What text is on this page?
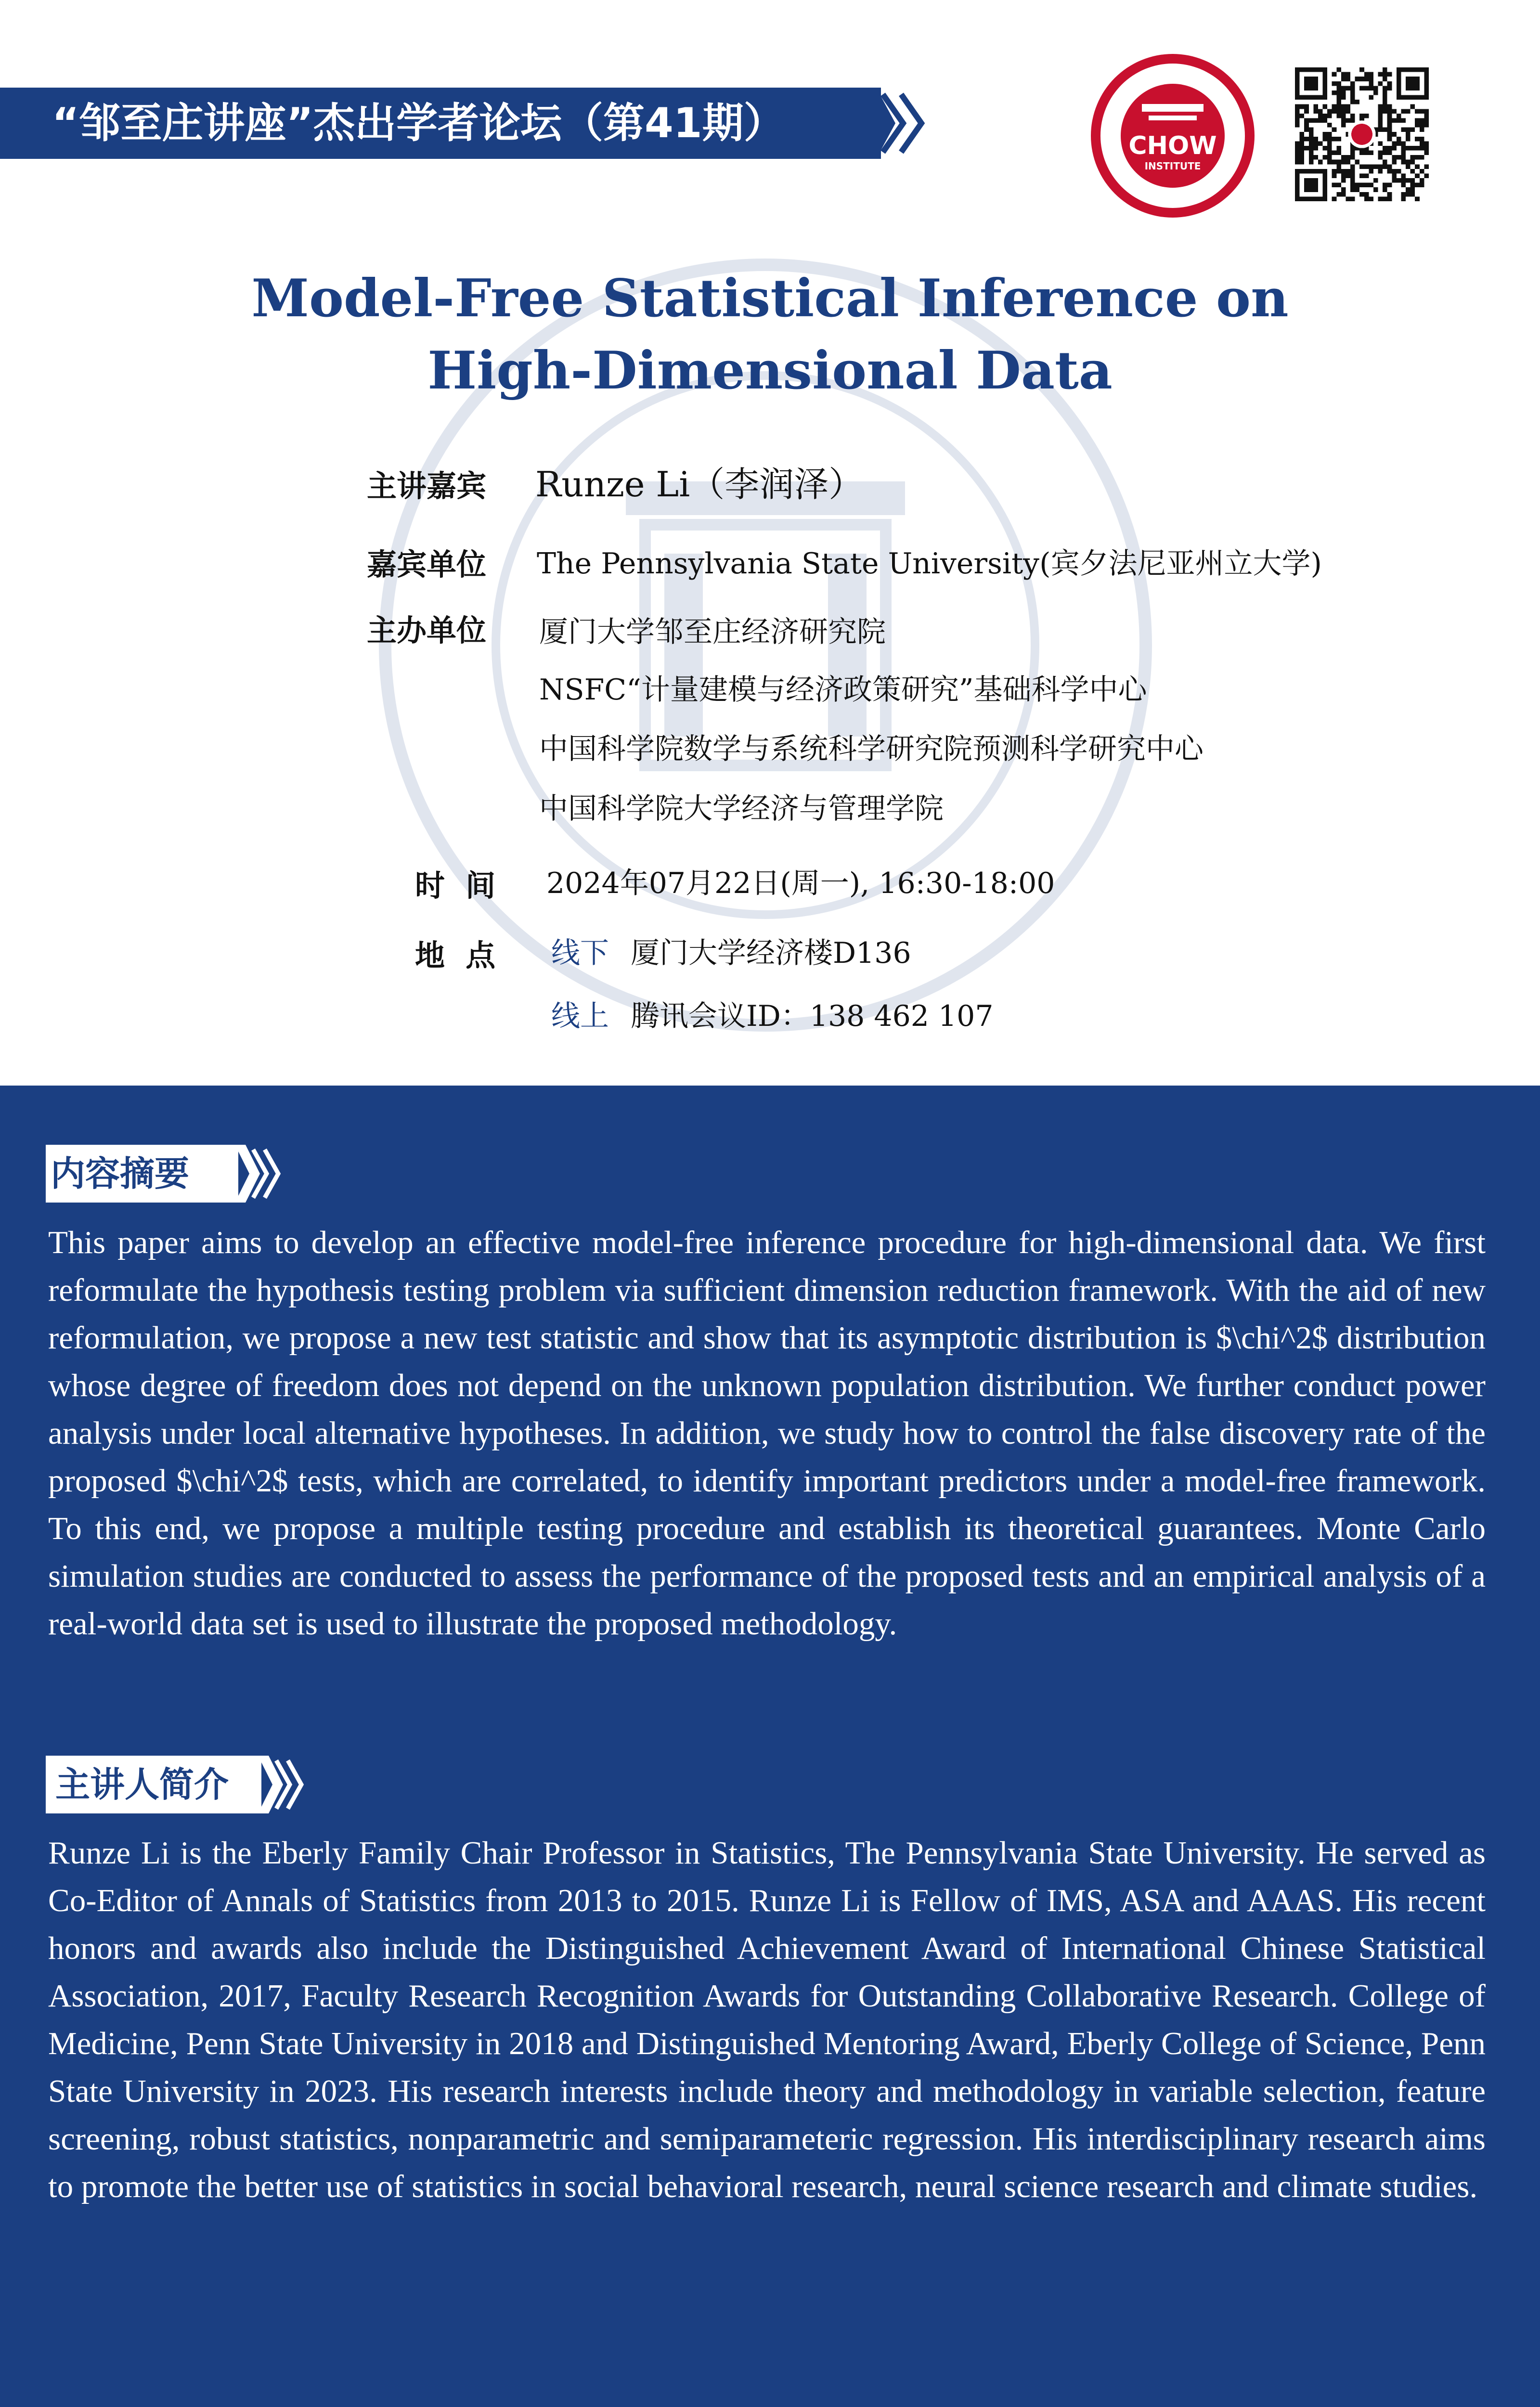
“邹至庄讲座”杰出学者论坛（第41期）	CHOW
INSTITUTE
Model-Free Statistical Inference on
High-Dimensional Data
主讲嘉宾 Runze Li（李润泽）
嘉宾单位 The Pennsylvania State University(宾夕法尼亚州立大学)
主办单位 厦门大学邹至庄经济研究院
NSFC“计量建模与经济政策研究”基础科学中心
中国科学院数学与系统科学研究院预测科学研究中心
中国科学院大学经济与管理学院
时  间 2024年07月22日(周一), 16:30-18:00
地  点 线下 厦门大学经济楼D136
线上 腾讯会议ID：138 462 107
内容摘要
This paper aims to develop an effective model-free inference procedure for high-dimensional data. We first reformulate the hypothesis testing problem via sufficient dimension reduction framework. With the aid of new reformulation, we propose a new test statistic and show that its asymptotic distribution is $\chi^2$ distribution whose degree of freedom does not depend on the unknown population distribution. We further conduct power analysis under local alternative hypotheses. In addition, we study how to control the false discovery rate of the proposed $\chi^2$ tests, which are correlated, to identify important predictors under a model-free framework. To this end, we propose a multiple testing procedure and establish its theoretical guarantees. Monte Carlo simulation studies are conducted to assess the performance of the proposed tests and an empirical analysis of a real-world data set is used to illustrate the proposed methodology.
主讲人简介
Runze Li is the Eberly Family Chair Professor in Statistics, The Pennsylvania State University. He served as Co-Editor of Annals of Statistics from 2013 to 2015. Runze Li is Fellow of IMS, ASA and AAAS. His recent honors and awards also include the Distinguished Achievement Award of International Chinese Statistical Association, 2017, Faculty Research Recognition Awards for Outstanding Collaborative Research. College of Medicine, Penn State University in 2018 and Distinguished Mentoring Award, Eberly College of Science, Penn State University in 2023. His research interests include theory and methodology in variable selection, feature screening, robust statistics, nonparametric and semiparameteric regression. His interdisciplinary research aims to promote the better use of statistics in social behavioral research, neural science research and climate studies.
